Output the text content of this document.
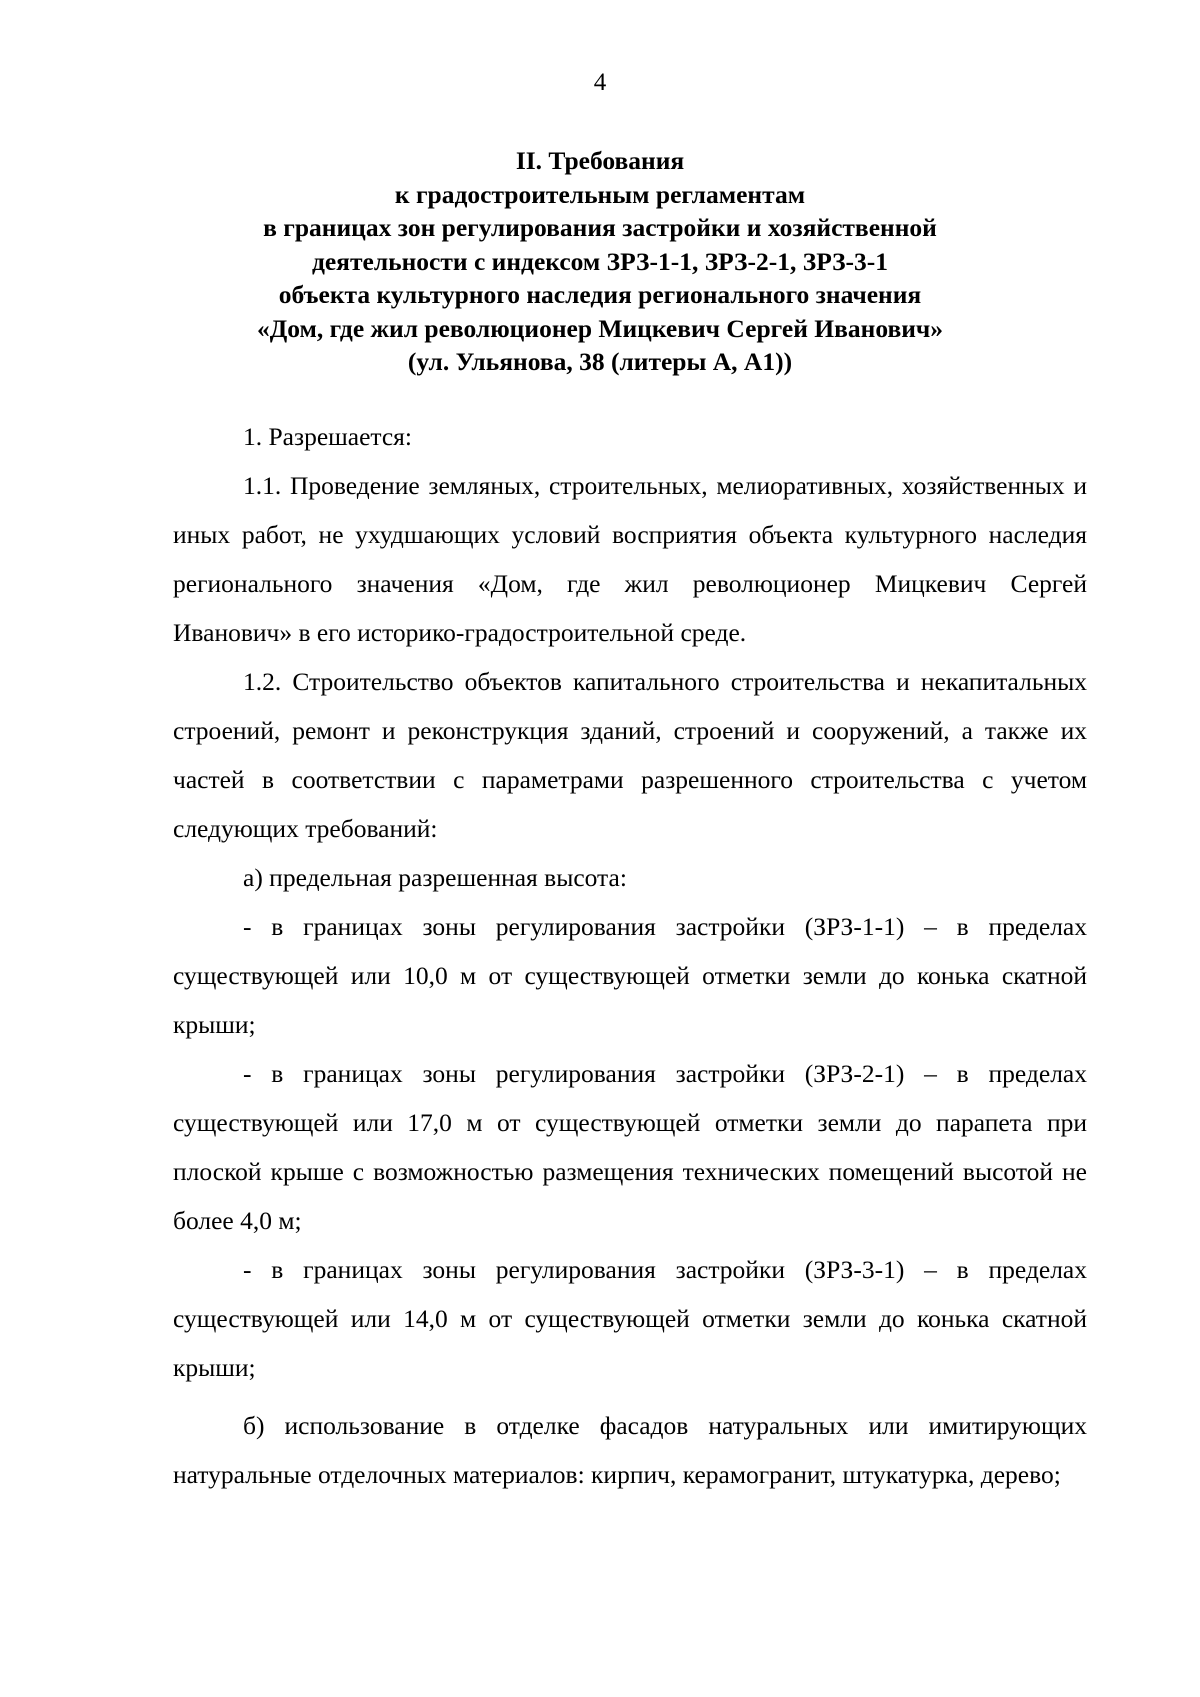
4
II. Требования
к градостроительным регламентам
в границах зон регулирования застройки и хозяйственной
деятельности с индексом ЗРЗ-1-1, ЗРЗ-2-1, ЗРЗ-3-1
объекта культурного наследия регионального значения
«Дом, где жил революционер Мицкевич Сергей Иванович»
(ул. Ульянова, 38 (литеры А, А1))

1. Разрешается:

1.1. Проведение земляных, строительных, мелиоративных, хозяйственных и иных работ, не ухудшающих условий восприятия объекта культурного наследия регионального значения «Дом, где жил революционер Мицкевич Сергей Иванович» в его историко-градостроительной среде.

1.2. Строительство объектов капитального строительства и некапитальных строений, ремонт и реконструкция зданий, строений и сооружений, а также их частей в соответствии с параметрами разрешенного строительства с учетом следующих требований:

а) предельная разрешенная высота:

- в границах зоны регулирования застройки (ЗРЗ-1-1) – в пределах существующей или 10,0 м от существующей отметки земли до конька скатной крыши;

- в границах зоны регулирования застройки (ЗРЗ-2-1) – в пределах существующей или 17,0 м от существующей отметки земли до парапета при плоской крыше с возможностью размещения технических помещений высотой не более 4,0 м;

- в границах зоны регулирования застройки (ЗРЗ-3-1) – в пределах существующей или 14,0 м от существующей отметки земли до конька скатной крыши;

б) использование в отделке фасадов натуральных или имитирующих натуральные отделочных материалов: кирпич, керамогранит, штукатурка, дерево;
